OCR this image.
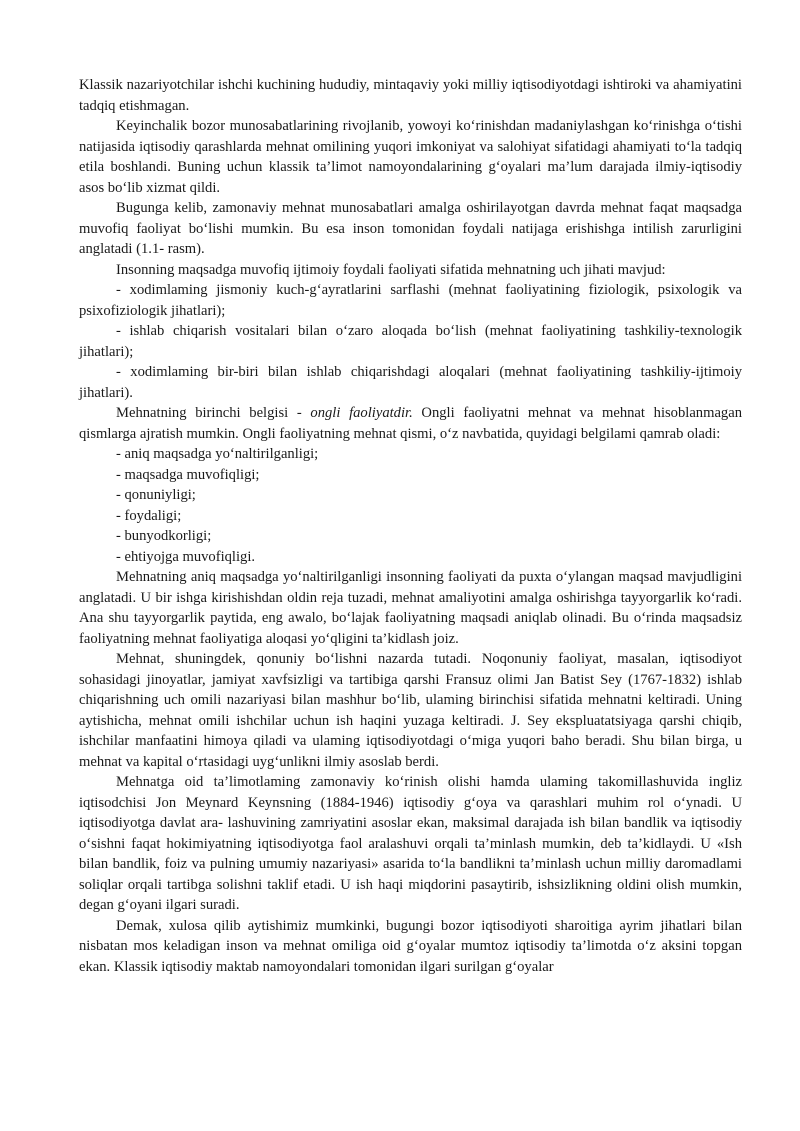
Klassik nazariyotchilar ishchi kuchining hududiy, mintaqaviy yoki milliy iqtisodiyotdagi ishtiroki va ahamiyatini tadqiq etishmagan.

Keyinchalik bozor munosabatlarining rivojlanib, yowoyi ko‘rinishdan madaniylashgan ko‘rinishga o‘tishi natijasida iqtisodiy qarashlarda mehnat omilining yuqori imkoniyat va salohiyat sifatidagi ahamiyati to‘la tadqiq etila boshlandi. Buning uchun klassik ta’limot namoyondalarining g‘oyalari ma’lum darajada ilmiy-iqtisodiy asos bo‘lib xizmat qildi.

Bugunga kelib, zamonaviy mehnat munosabatlari amalga oshirilayotgan davrda mehnat faqat maqsadga muvofiq faoliyat bo‘lishi mumkin. Bu esa inson tomonidan foydali natijaga erishishga intilish zarurligini anglatadi (1.1- rasm).

Insonning maqsadga muvofiq ijtimoiy foydali faoliyati sifatida mehnatning uch jihati mavjud:

- xodimlaming jismoniy kuch-g‘ayratlarini sarflashi (mehnat faoliyatining fiziologik, psixologik va psixofiziologik jihatlari);

- ishlab chiqarish vositalari bilan o‘zaro aloqada bo‘lish (mehnat faoliyatining tashkiliy-texnologik jihatlari);

- xodimlaming bir-biri bilan ishlab chiqarishdagi aloqalari (mehnat faoliyatining tashkiliy-ijtimoiy jihatlari).

Mehnatning birinchi belgisi - ongli faoliyatdir. Ongli faoliyatni mehnat va mehnat hisoblanmagan qismlarga ajratish mumkin. Ongli faoliyatning mehnat qismi, o‘z navbatida, quyidagi belgilami qamrab oladi:

- aniq maqsadga yo‘naltirilganligi;

- maqsadga muvofiqligi;

- qonuniyligi;

- foydaligi;

- bunyodkorligi;

- ehtiyojga muvofiqligi.

Mehnatning aniq maqsadga yo‘naltirilganligi insonning faoliyati da puxta o‘ylangan maqsad mavjudligini anglatadi. U bir ishga kirishishdan oldin reja tuzadi, mehnat amaliyotini amalga oshirishga tayyorgarlik ko‘radi. Ana shu tayyorgarlik paytida, eng awalo, bo‘lajak faoliyatning maqsadi aniqlab olinadi. Bu o‘rinda maqsadsiz faoliyatning mehnat faoliyatiga aloqasi yo‘qligini ta’kidlash joiz.

Mehnat, shuningdek, qonuniy bo‘lishni nazarda tutadi. Noqonuniy faoliyat, masalan, iqtisodiyot sohasidagi jinoyatlar, jamiyat xavfsizligi va tartibiga qarshi Fransuz olimi Jan Batist Sey (1767-1832) ishlab chiqarishning uch omili nazariyasi bilan mashhur bo‘lib, ulaming birinchisi sifatida mehnatni keltiradi. Uning aytishicha, mehnat omili ishchilar uchun ish haqini yuzaga keltiradi. J. Sey ekspluatatsiyaga qarshi chiqib, ishchilar manfaatini himoya qiladi va ulaming iqtisodiyotdagi o‘miga yuqori baho beradi. Shu bilan birga, u mehnat va kapital o‘rtasidagi uyg‘unlikni ilmiy asoslab berdi.

Mehnatga oid ta’limotlaming zamonaviy ko‘rinish olishi hamda ulaming takomillashuvida ingliz iqtisodchisi Jon Meynard Keynsning (1884-1946) iqtisodiy g‘oya va qarashlari muhim rol o‘ynadi. U iqtisodiyotga davlat ara- lashuvining zamriyatini asoslar ekan, maksimal darajada ish bilan bandlik va iqtisodiy o‘sishni faqat hokimiyatning iqtisodiyotga faol aralashuvi orqali ta’minlash mumkin, deb ta’kidlaydi. U «Ish bilan bandlik, foiz va pulning umumiy nazariyasi» asarida to‘la bandlikni ta’minlash uchun milliy daromadlami soliqlar orqali tartibga solishni taklif etadi. U ish haqi miqdorini pasaytirib, ishsizlikning oldini olish mumkin, degan g‘oyani ilgari suradi.

Demak, xulosa qilib aytishimiz mumkinki, bugungi bozor iqtisodiyoti sharoitiga ayrim jihatlari bilan nisbatan mos keladigan inson va mehnat omiliga oid g‘oyalar mumtoz iqtisodiy ta’limotda o‘z aksini topgan ekan. Klassik iqtisodiy maktab namoyondalari tomonidan ilgari surilgan g‘oyalar
